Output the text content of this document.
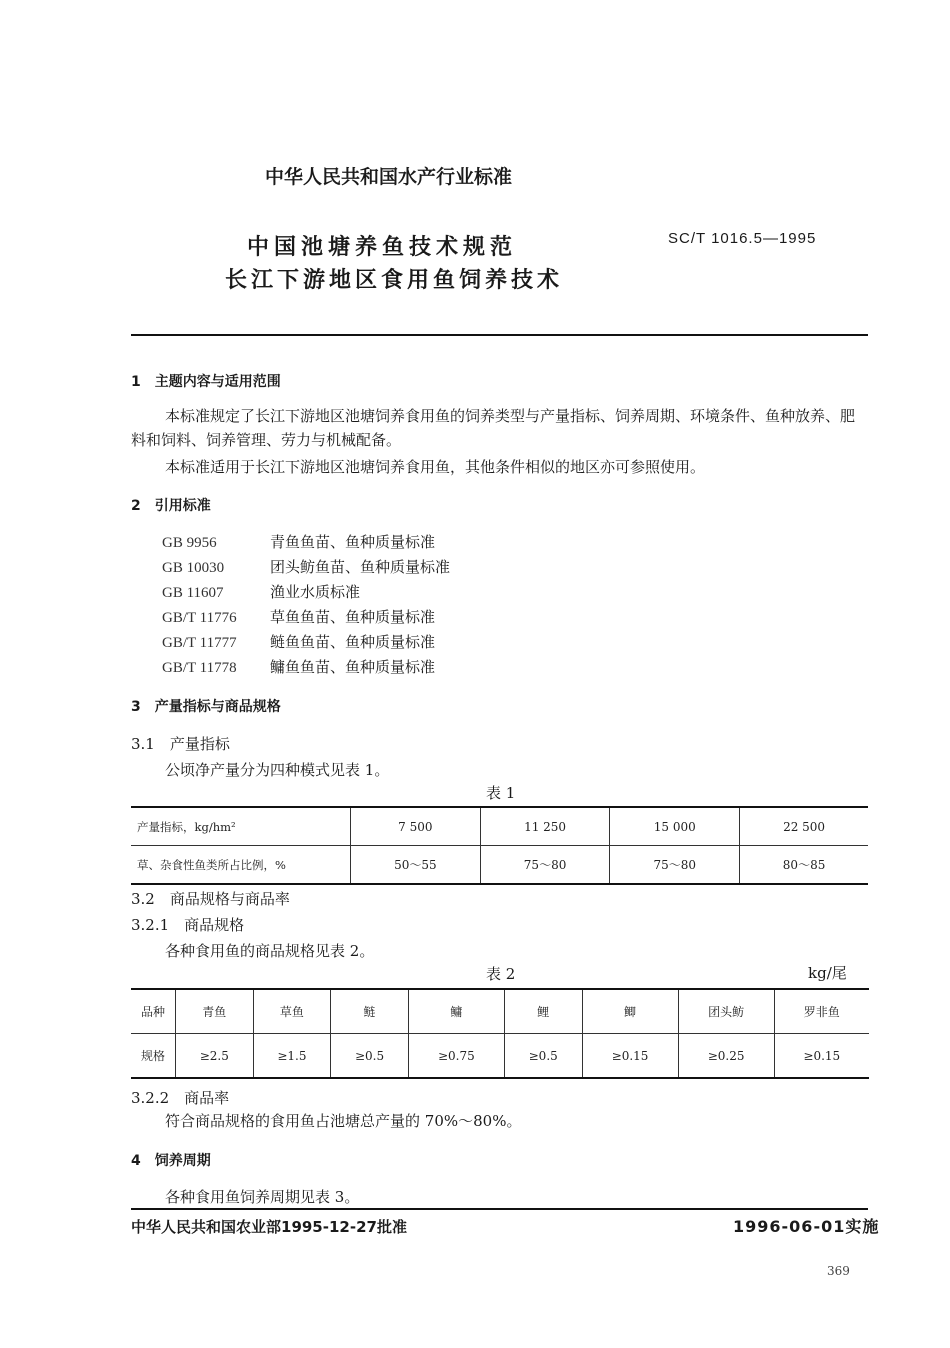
中华人民共和国水产行业标准
中国池塘养鱼技术规范
长江下游地区食用鱼饲养技术
SC/T 1016.5—1995
1　主题内容与适用范围
本标准规定了长江下游地区池塘饲养食用鱼的饲养类型与产量指标、饲养周期、环境条件、鱼种放养、肥料和饲料、饲养管理、劳力与机械配备。
本标准适用于长江下游地区池塘饲养食用鱼，其他条件相似的地区亦可参照使用。
2　引用标准
GB 9956	青鱼鱼苗、鱼种质量标准
GB 10030	团头鲂鱼苗、鱼种质量标准
GB 11607	渔业水质标准
GB/T 11776 草鱼鱼苗、鱼种质量标准
GB/T 11777 鲢鱼鱼苗、鱼种质量标准
GB/T 11778 鳙鱼鱼苗、鱼种质量标准
3　产量指标与商品规格
3.1　产量指标
公顷净产量分为四种模式见表 1。
表 1
产量指标，kg/hm²	7 500	11 250	15 000	22 500
草、杂食性鱼类所占比例，%	50～55	75～80	75～80	80～85
3.2　商品规格与商品率
3.2.1　商品规格
各种食用鱼的商品规格见表 2。
表 2	kg/尾
品种	青鱼	草鱼	鲢	鳙	鲤	鲫	团头鲂	罗非鱼
规格	≥2.5	≥1.5	≥0.5	≥0.75	≥0.5	≥0.15	≥0.25	≥0.15
3.2.2　商品率
符合商品规格的食用鱼占池塘总产量的 70%～80%。
4　饲养周期
各种食用鱼饲养周期见表 3。
中华人民共和国农业部1995-12-27批准	1996-06-01实施
369
